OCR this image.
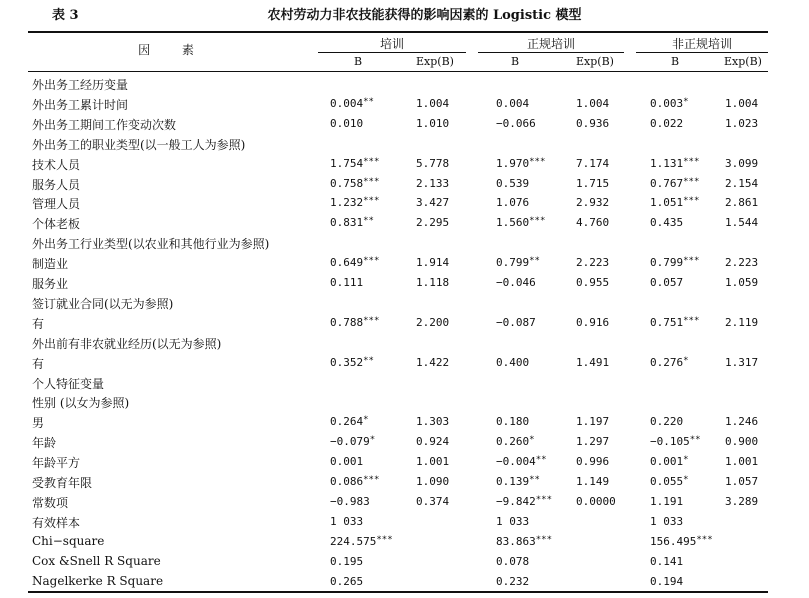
表 3	农村劳动力非农技能获得的影响因素的 Logistic 模型
因 素	培训	正规培训	非正规培训
B	Exp(B)	B	Exp(B)	B	Exp(B)
外出务工经历变量
外出务工累计时间	0.004**	1.004	0.004	1.004	0.003*	1.004
外出务工期间工作变动次数	0.010	1.010	−0.066	0.936	0.022	1.023
外出务工的职业类型(以一般工人为参照)
技术人员	1.754***	5.778	1.970***	7.174	1.131*** 3.099
服务人员	0.758***	2.133	0.539	1.715	0.767*** 2.154
管理人员	1.232***	3.427	1.076	2.932	1.051*** 2.861
个体老板	0.831**	2.295	1.560***	4.760	0.435	1.544
外出务工行业类型(以农业和其他行业为参照)
制造业	0.649***	1.914	0.799**	2.223	0.799*** 2.223
服务业	0.111	1.118	−0.046	0.955	0.057	1.059
签订就业合同(以无为参照)
有	0.788***	2.200	−0.087	0.916	0.751*** 2.119
外出前有非农就业经历(以无为参照)
有	0.352**	1.422	0.400	1.491	0.276*	1.317
个人特征变量
性别 (以女为参照)
男	0.264*	1.303	0.180	1.197	0.220	1.246
年龄	−0.079*	0.924	0.260*	1.297	−0.105** 0.900
年龄平方	0.001	1.001	−0.004**	0.996	0.001*	1.001
受教育年限	0.086***	1.090	0.139**	1.149	0.055*	1.057
常数项	−0.983	0.374	−9.842*** 0.0000	1.191	3.289
有效样本	1 033	1 033	1 033
Chi−square	224.575***	83.863***	156.495***
Cox &Snell R Square	0.195	0.078	0.141
Nagelkerke R Square	0.265	0.232	0.194
